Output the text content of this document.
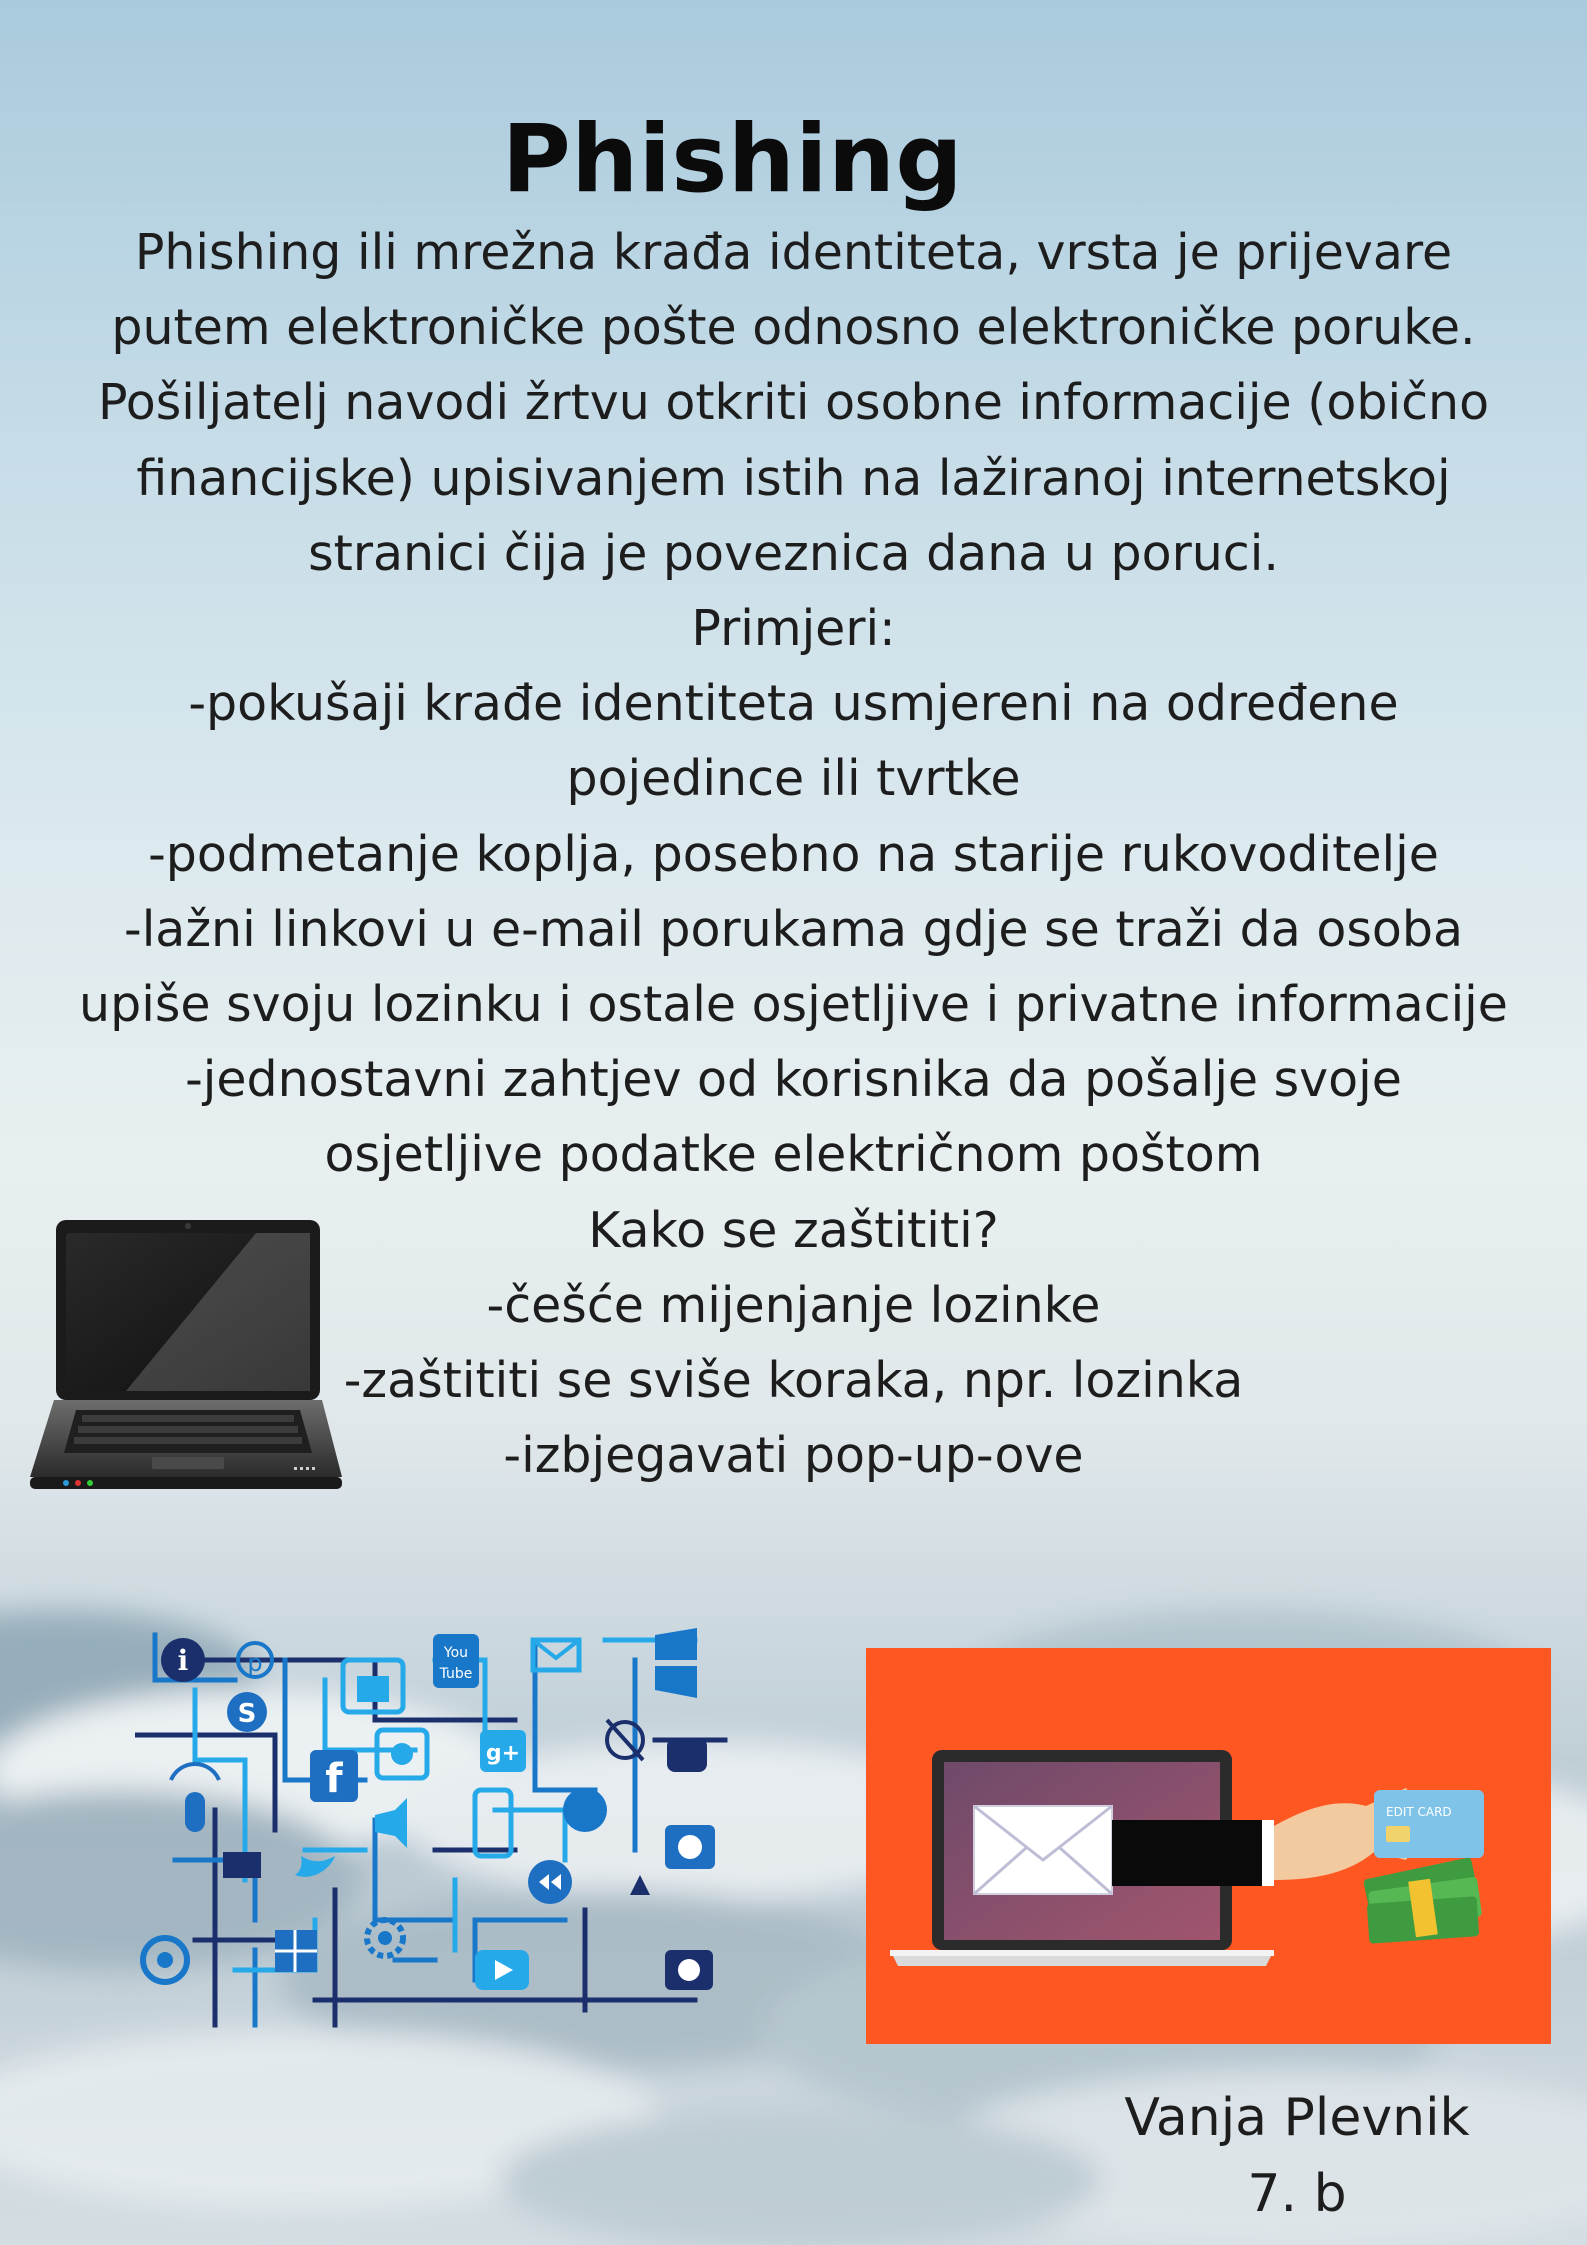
Phishing
Phishing ili mrežna krađa identiteta, vrsta je prijevare
putem elektroničke pošte odnosno elektroničke poruke.
Pošiljatelj navodi žrtvu otkriti osobne informacije (obično
financijske) upisivanjem istih na lažiranoj internetskoj
stranici čija je poveznica dana u poruci.
Primjeri:
-pokušaji krađe identiteta usmjereni na određene
pojedince ili tvrtke
-podmetanje koplja, posebno na starije rukovoditelje
-lažni linkovi u e-mail porukama gdje se traži da osoba
upiše svoju lozinku i ostale osjetljive i privatne informacije
-jednostavni zahtjev od korisnika da pošalje svoje
osjetljive podatke električnom poštom
Kako se zaštititi?
-češće mijenjanje lozinke
-zaštititi se sviše koraka, npr. lozinka
-izbjegavati pop-up-ove
i p
S
You
Tube
g+
f
EDIT CARD
Vanja Plevnik
7. b
